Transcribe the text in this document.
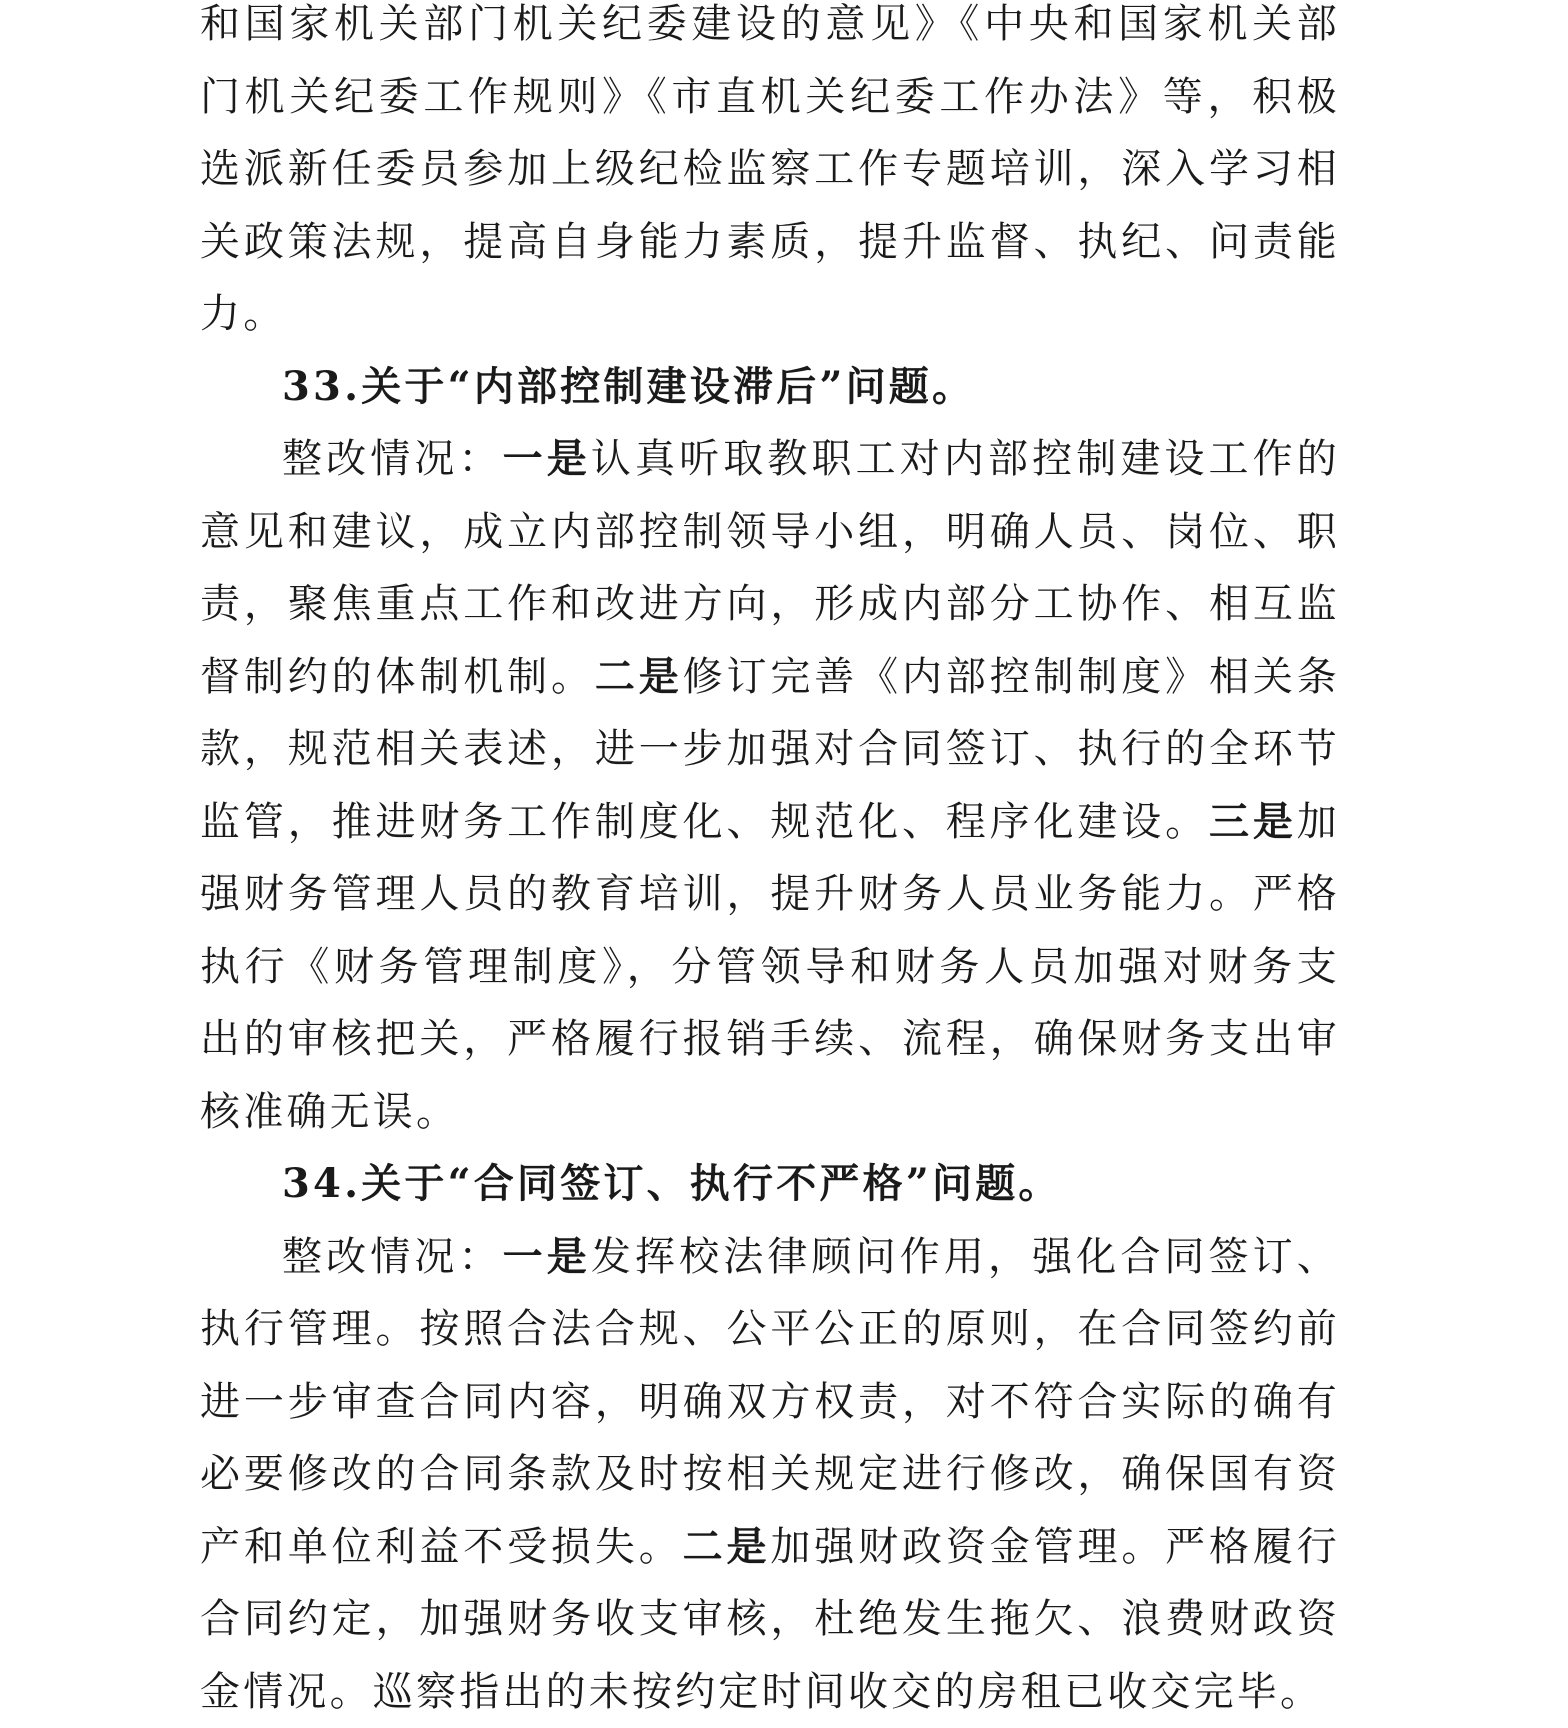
和国家机关部门机关纪委建设的意见》《中央和国家机关部门机关纪委工作规则》《市直机关纪委工作办法》等，积极选派新任委员参加上级纪检监察工作专题培训，深入学习相关政策法规，提高自身能力素质，提升监督、执纪、问责能力。

33.关于“内部控制建设滞后”问题。

整改情况：一是认真听取教职工对内部控制建设工作的意见和建议，成立内部控制领导小组，明确人员、岗位、职责，聚焦重点工作和改进方向，形成内部分工协作、相互监督制约的体制机制。二是修订完善《内部控制制度》相关条款，规范相关表述，进一步加强对合同签订、执行的全环节监管，推进财务工作制度化、规范化、程序化建设。三是加强财务管理人员的教育培训，提升财务人员业务能力。严格执行《财务管理制度》，分管领导和财务人员加强对财务支出的审核把关，严格履行报销手续、流程，确保财务支出审核准确无误。

34.关于“合同签订、执行不严格”问题。

整改情况：一是发挥校法律顾问作用，强化合同签订、执行管理。按照合法合规、公平公正的原则，在合同签约前进一步审查合同内容，明确双方权责，对不符合实际的确有必要修改的合同条款及时按相关规定进行修改，确保国有资产和单位利益不受损失。二是加强财政资金管理。严格履行合同约定，加强财务收支审核，杜绝发生拖欠、浪费财政资金情况。巡察指出的未按约定时间收交的房租已收交完毕。
